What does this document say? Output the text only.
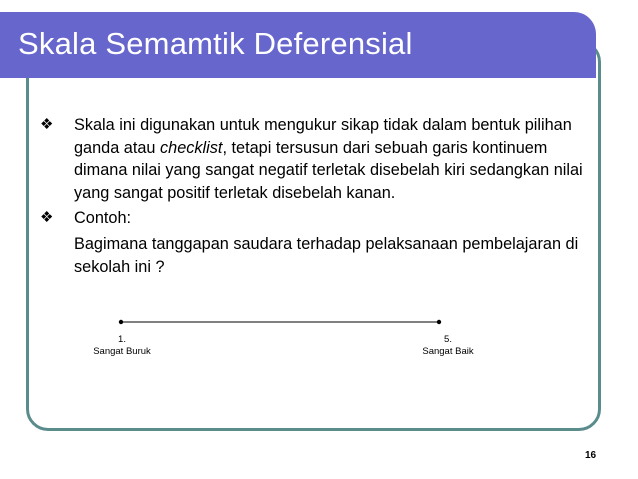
Skala Semamtik Deferensial
❖ Skala ini digunakan untuk mengukur sikap tidak dalam bentuk pilihan ganda atau checklist, tetapi tersusun dari sebuah garis kontinuem dimana nilai yang sangat negatif terletak disebelah kiri sedangkan nilai yang sangat positif terletak disebelah kanan.
❖ Contoh:
Bagimana tanggapan saudara terhadap pelaksanaan pembelajaran di sekolah ini ?
1.
Sangat Buruk
5.
Sangat Baik
16
